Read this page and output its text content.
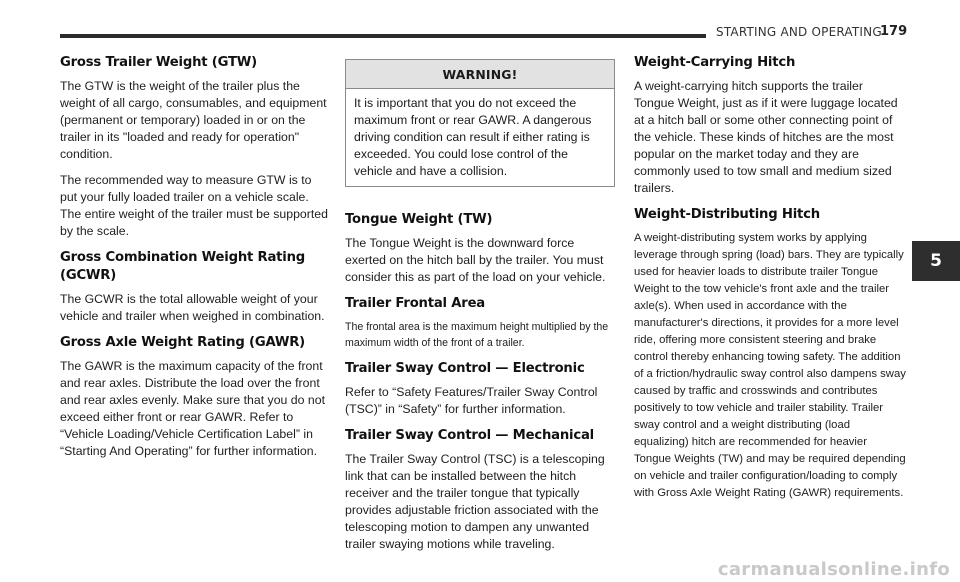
STARTING AND OPERATING
179
5
Gross Trailer Weight (GTW)

The GTW is the weight of the trailer plus the weight of all cargo, consumables, and equipment (permanent or temporary) loaded in or on the trailer in its "loaded and ready for operation" condition.

The recommended way to measure GTW is to put your fully loaded trailer on a vehicle scale. The entire weight of the trailer must be supported by the scale.

Gross Combination Weight Rating (GCWR)

The GCWR is the total allowable weight of your vehicle and trailer when weighed in combination.

Gross Axle Weight Rating (GAWR)

The GAWR is the maximum capacity of the front and rear axles. Distribute the load over the front and rear axles evenly. Make sure that you do not exceed either front or rear GAWR. Refer to “Vehicle Loading/Vehicle Certification Label” in “Starting And Operating” for further information.

WARNING!
It is important that you do not exceed the maximum front or rear GAWR. A dangerous driving condition can result if either rating is exceeded. You could lose control of the vehicle and have a collision.
Tongue Weight (TW)

The Tongue Weight is the downward force exerted on the hitch ball by the trailer. You must consider this as part of the load on your vehicle.

Trailer Frontal Area

The frontal area is the maximum height multiplied by the maximum width of the front of a trailer.

Trailer Sway Control — Electronic

Refer to “Safety Features/Trailer Sway Control (TSC)” in “Safety” for further information.

Trailer Sway Control — Mechanical

The Trailer Sway Control (TSC) is a telescoping link that can be installed between the hitch receiver and the trailer tongue that typically provides adjustable friction associated with the telescoping motion to dampen any unwanted trailer swaying motions while traveling.

Weight-Carrying Hitch

A weight-carrying hitch supports the trailer Tongue Weight, just as if it were luggage located at a hitch ball or some other connecting point of the vehicle. These kinds of hitches are the most popular on the market today and they are commonly used to tow small and medium sized trailers.

Weight-Distributing Hitch

A weight-distributing system works by applying leverage through spring (load) bars. They are typically used for heavier loads to distribute trailer Tongue Weight to the tow vehicle's front axle and the trailer axle(s). When used in accordance with the manufacturer's directions, it provides for a more level ride, offering more consistent steering and brake control thereby enhancing towing safety. The addition of a friction/hydraulic sway control also dampens sway caused by traffic and crosswinds and contributes positively to tow vehicle and trailer stability. Trailer sway control and a weight distributing (load equalizing) hitch are recommended for heavier Tongue Weights (TW) and may be required depending on vehicle and trailer configuration/loading to comply with Gross Axle Weight Rating (GAWR) requirements.

carmanualsonline.info
